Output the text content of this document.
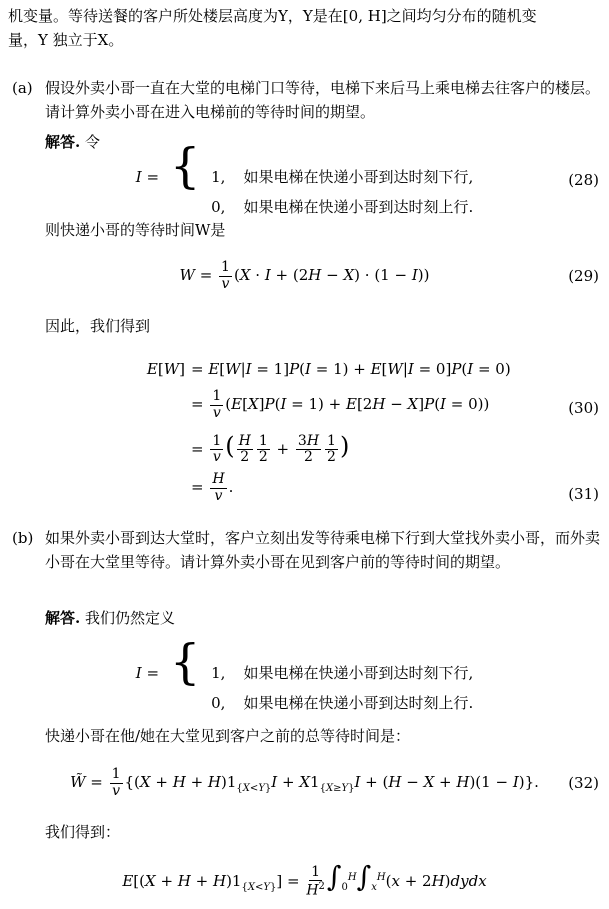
机变量。等待送餐的客户所处楼层高度为Y，Y是在[0, H]之间均匀分布的随机变
量，Y 独立于X。
(a) 假设外卖小哥一直在大堂的电梯门口等待，电梯下来后马上乘电梯去往客户的楼层。请计算外卖小哥在进入电梯前的等待时间的期望。
解答. 令
I = { 1, 如果电梯在快递小哥到达时刻下行,
0, 如果电梯在快递小哥到达时刻上行.
(28)
则快递小哥的等待时间W是
$W = \frac{1}{v} (X \cdot I + (2H - X) \cdot (1 - I))$	(29)
因此，我们得到
E[W] = E[W|I = 1]P(I = 1) + E[W|I = 0]P(I = 0)
= $\frac{1}{v} (E[X]P(I = 1) + E[2H - X]P(I = 0))$
= $\frac{1}{v}$ ( $\frac{H}{2} \frac{1}{2} + \frac{3H}{2} \frac{1}{2}$ )
= $\frac{H}{v}$ .
(30)
(31)
(b) 如果外卖小哥到达大堂时，客户立刻出发等待乘电梯下行到大堂找外卖小哥，而外卖小哥在大堂里等待。请计算外卖小哥在见到客户前的等待时间的期望。
解答. 我们仍然定义
I = { 1, 如果电梯在快递小哥到达时刻下行,
0, 如果电梯在快递小哥到达时刻上行.
快递小哥在他/她在大堂见到客户之前的总等待时间是：
W̃ = $\frac{1}{v} \{(X + H + H)1_{\{X<Y\}}I + X1_{\{X\ge Y\}}I + (H - X + H)(1 - I)\}$. (32)
我们得到：
$E[(X + H + H)1_{\{X<Y\}}] = \frac{1}{H^2} \int_0^H\int_x^H(x$ + 2H)dydx
